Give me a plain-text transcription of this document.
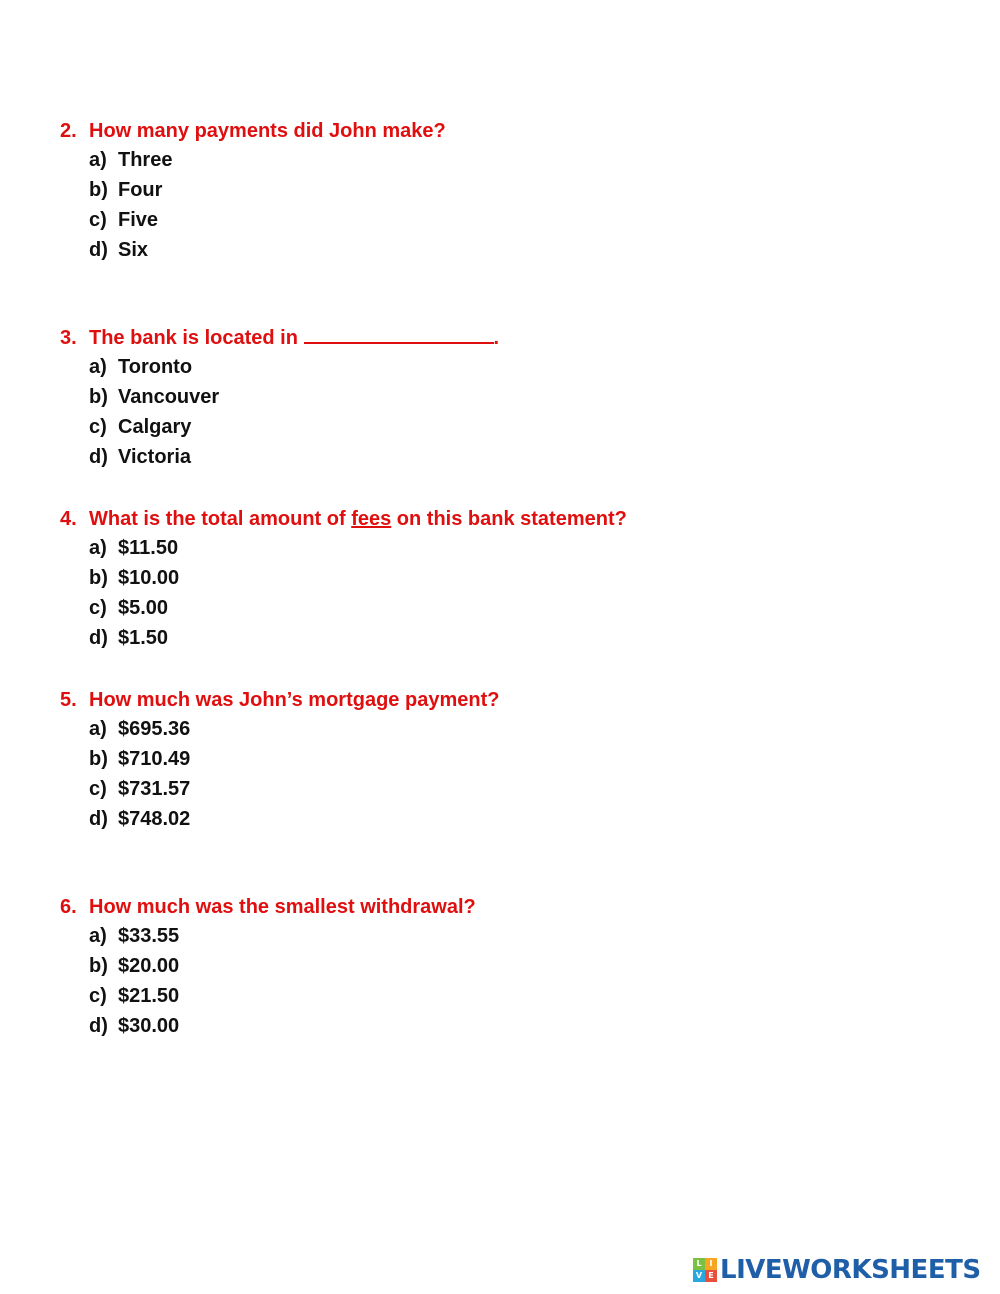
2. How many payments did John make?
a) Three
b) Four
c) Five
d) Six
3. The bank is located in	.
a) Toronto
b) Vancouver
c) Calgary
d) Victoria
4. What is the total amount of fees on this bank statement?
a) $11.50
b) $10.00
c) $5.00
d) $1.50
5. How much was John’s mortgage payment?
a) $695.36
b) $710.49
c) $731.57
d) $748.02
6. How much was the smallest withdrawal?
a) $33.55
b) $20.00
c) $21.50
d) $30.00
L I
V E LIVEWORKSHEETS
